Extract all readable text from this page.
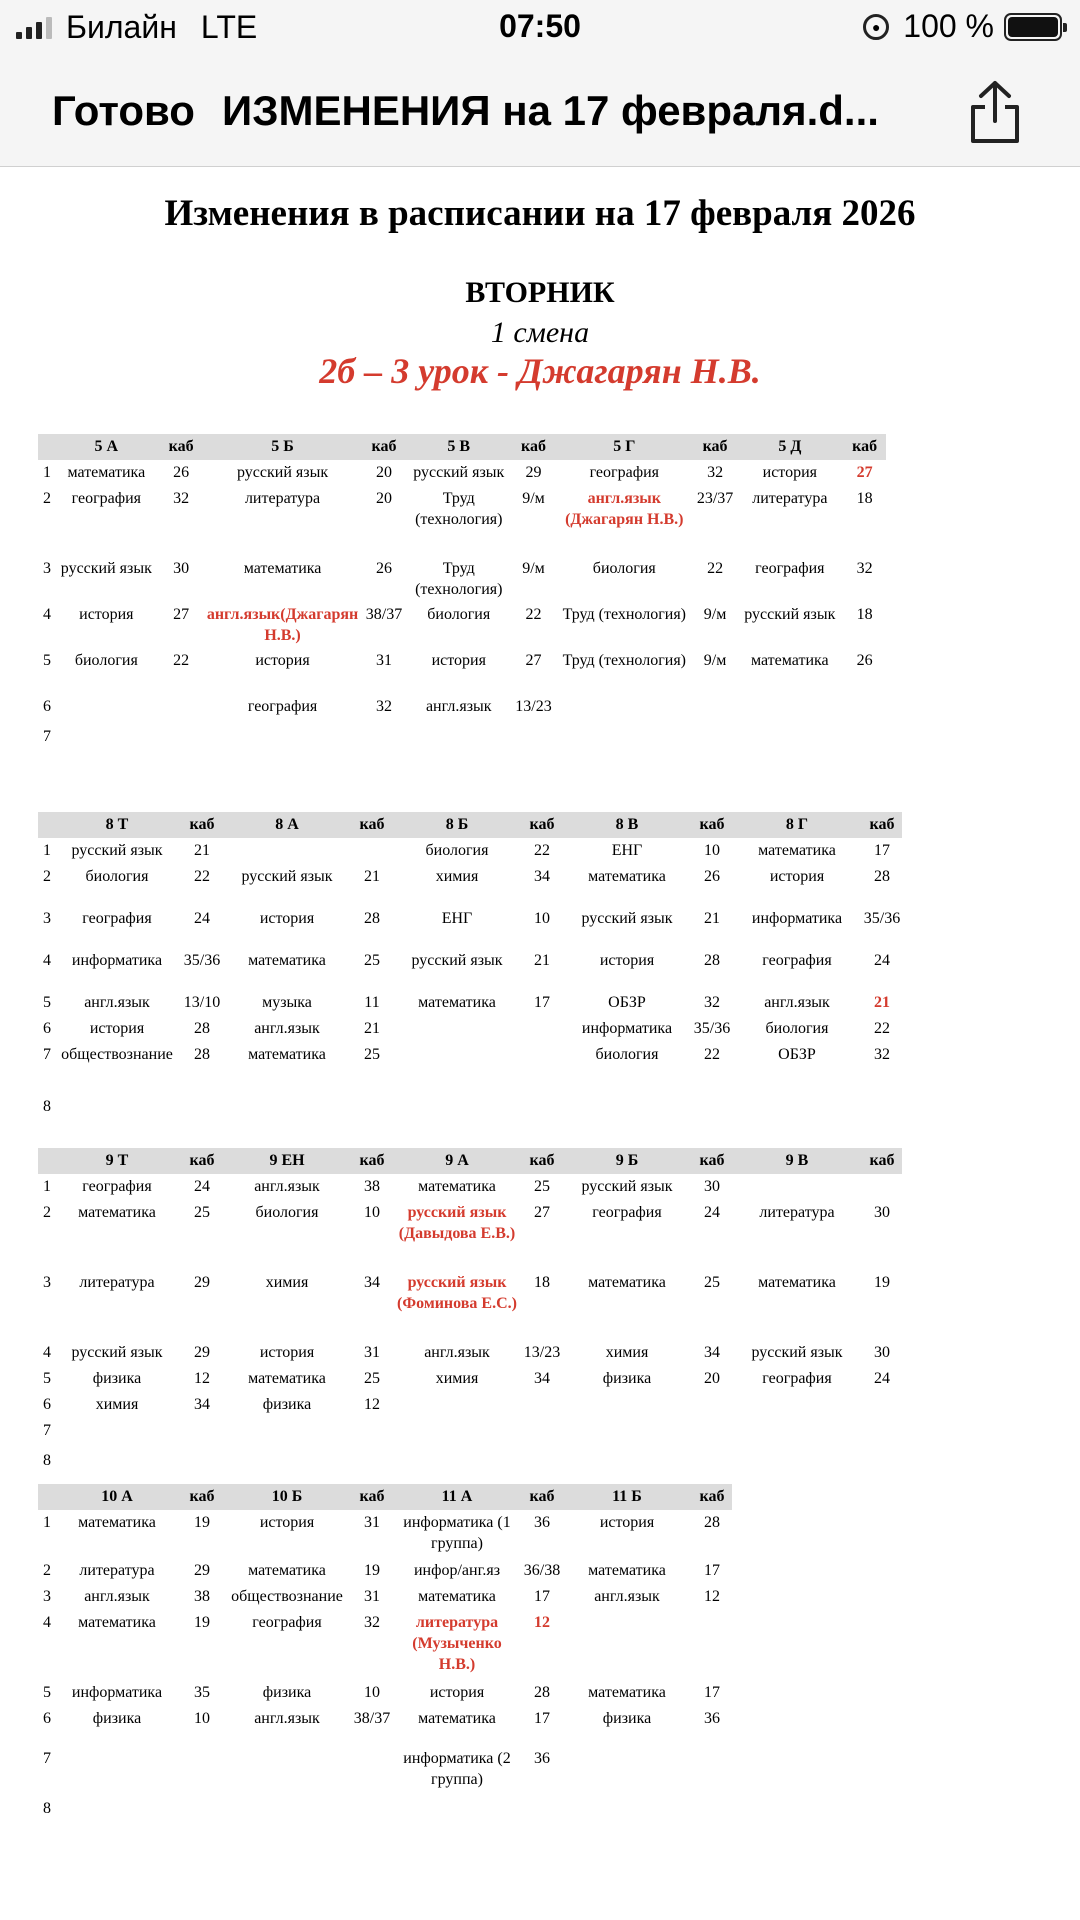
Билайн LTE	07:50	● 100 %
Готово ИЗМЕНЕНИЯ на 17 февраля.d...
Изменения в расписании на 17 февраля 2026
ВТОРНИК
1 смена
2б – 3 урок - Джагарян Н.В.
	5 А	каб	5 Б	каб	5 В	каб	5 Г	каб	5 Д	каб
1	математика	26	русский язык	20	русский язык	29	география	32	история	27
2	география	32	литература	20	Труд (технология)	9/м	англ.язык (Джагарян Н.В.)	23/37	литература	18
3	русский язык	30	математика	26	Труд (технология)	9/м	биология	22	география	32
4	история	27	англ.язык(Джагарян Н.В.)	38/37	биология	22	Труд (технология)	9/м	русский язык	18
5	биология	22	история	31	история	27	Труд (технология)	9/м	математика	26
6			география	32	англ.язык	13/23				
7										
	8 Т	каб	8 А	каб	8 Б	каб	8 В	каб	8 Г	каб
1	русский язык	21			биология	22	ЕНГ	10	математика	17
2	биология	22	русский язык	21	химия	34	математика	26	история	28
3	география	24	история	28	ЕНГ	10	русский язык	21	информатика	35/36
4	информатика	35/36	математика	25	русский язык	21	история	28	география	24
5	англ.язык	13/10	музыка	11	математика	17	ОБЗР	32	англ.язык	21
6	история	28	англ.язык	21			информатика	35/36	биология	22
7	обществознание	28	математика	25			биология	22	ОБЗР	32
8										
	9 Т	каб	9 ЕН	каб	9 А	каб	9 Б	каб	9 В	каб
1	география	24	англ.язык	38	математика	25	русский язык	30		
2	математика	25	биология	10	русский язык (Давыдова Е.В.)	27	география	24	литература	30
3	литература	29	химия	34	русский язык (Фоминова Е.С.)	18	математика	25	математика	19
4	русский язык	29	история	31	англ.язык	13/23	химия	34	русский язык	30
5	физика	12	математика	25	химия	34	физика	20	география	24
6	химия	34	физика	12						
7										
8										
	10 А	каб	10 Б	каб	11 А	каб	11 Б	каб
1	математика	19	история	31	информатика (1 группа)	36	история	28
2	литература	29	математика	19	инфор/анг.яз	36/38	математика	17
3	англ.язык	38	обществознание	31	математика	17	англ.язык	12
4	математика	19	география	32	литература (Музыченко Н.В.)	12		
5	информатика	35	физика	10	история	28	математика	17
6	физика	10	англ.язык	38/37	математика	17	физика	36
7					информатика (2 группа)	36		
8								
